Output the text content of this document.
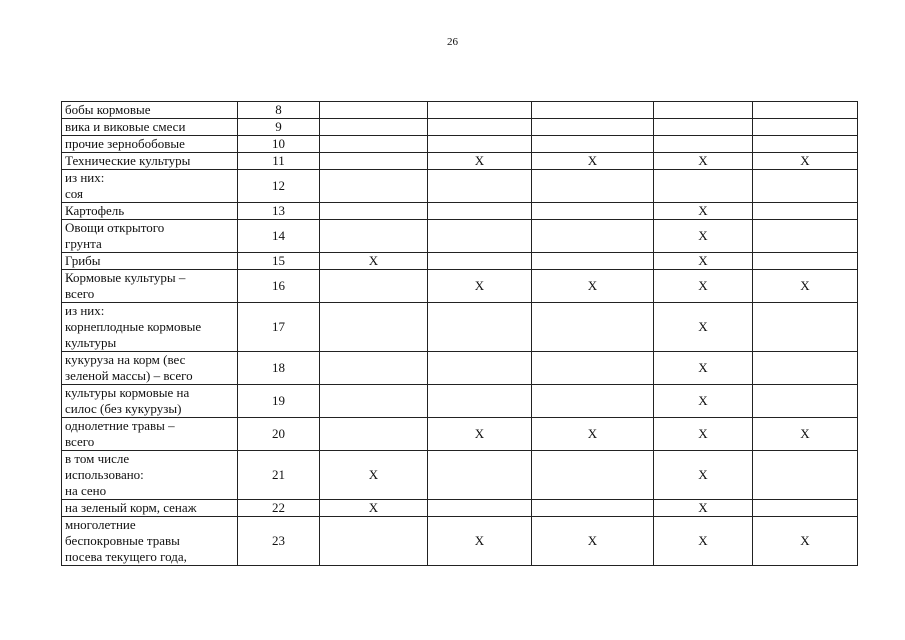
26
бобы кормовые	8					

вика и виковые смеси	9					

прочие зернобобовые	10					

Технические культуры	11		X	X	X	X

из них:
соя	12					

Картофель	13				X	

Овощи открытого
грунта	14				X	

Грибы	15	X			X	

Кормовые культуры –
всего	16		X	X	X	X

из них:
корнеплодные кормовые
культуры	17				X	

кукуруза на корм (вес
зеленой массы) – всего	18				X	

культуры кормовые на
силос (без кукурузы)	19				X	

однолетние травы –
всего	20		X	X	X	X

в том числе
использовано:
на сено	21	X			X	

на зеленый корм, сенаж	22	X			X	

многолетние
беспокровные травы
посева текущего года,	23		X	X	X	X
